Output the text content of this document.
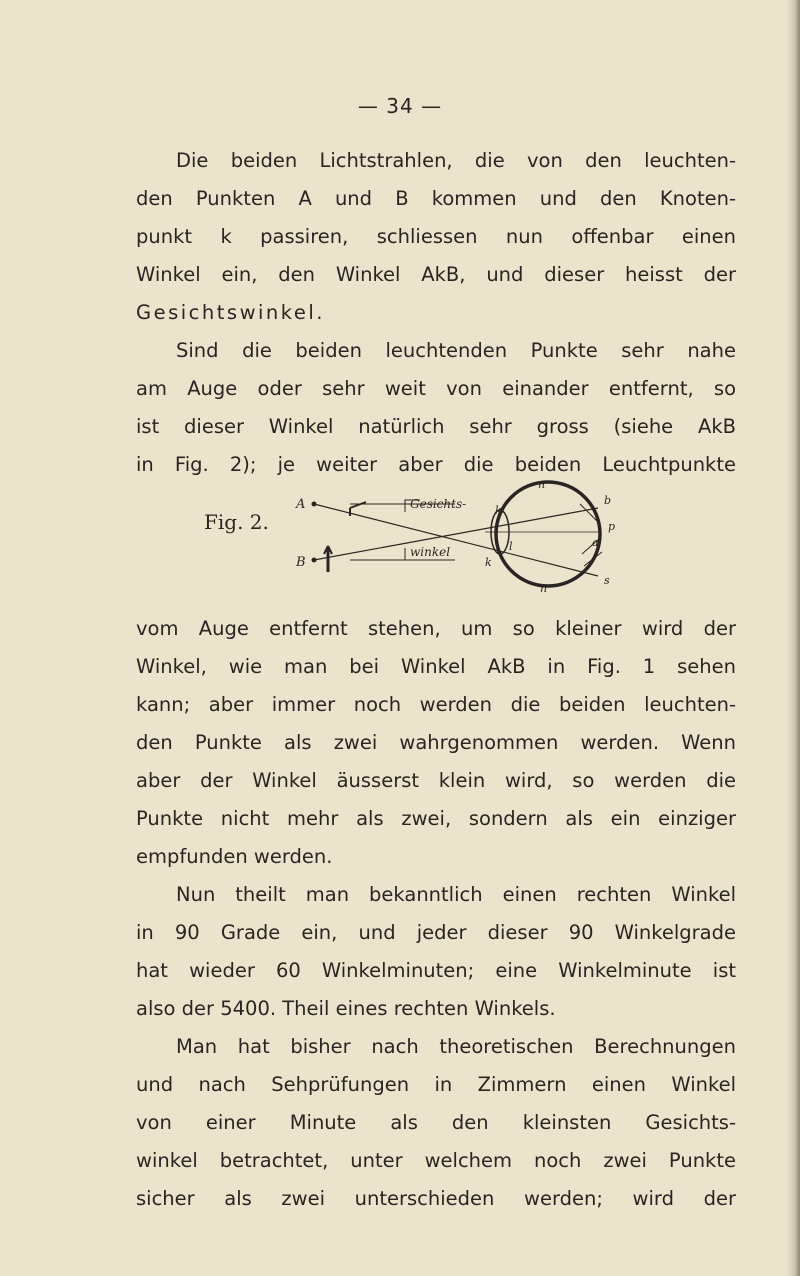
— 34 —
Die beiden Lichtstrahlen, die von den leuchten-
den Punkten A und B kommen und den Knoten-
punkt k passiren, schliessen nun offenbar einen
Winkel ein, den Winkel AkB, und dieser heisst der
Gesichtswinkel.
Sind die beiden leuchtenden Punkte sehr nahe
am Auge oder sehr weit von einander entfernt, so
ist dieser Winkel natürlich sehr gross (siehe AkB
in Fig. 2); je weiter aber die beiden Leuchtpunkte
Fig. 2.
A
B
Gesichts-
winkel
n
k
l
k
n
b
p
a
s
vom Auge entfernt stehen, um so kleiner wird der
Winkel, wie man bei Winkel AkB in Fig. 1 sehen
kann; aber immer noch werden die beiden leuchten-
den Punkte als zwei wahrgenommen werden. Wenn
aber der Winkel äusserst klein wird, so werden die
Punkte nicht mehr als zwei, sondern als ein einziger
empfunden werden.
Nun theilt man bekanntlich einen rechten Winkel
in 90 Grade ein, und jeder dieser 90 Winkelgrade
hat wieder 60 Winkelminuten; eine Winkelminute ist
also der 5400. Theil eines rechten Winkels.
Man hat bisher nach theoretischen Berechnungen
und nach Sehprüfungen in Zimmern einen Winkel
von einer Minute als den kleinsten Gesichts-
winkel betrachtet, unter welchem noch zwei Punkte
sicher als zwei unterschieden werden; wird der
